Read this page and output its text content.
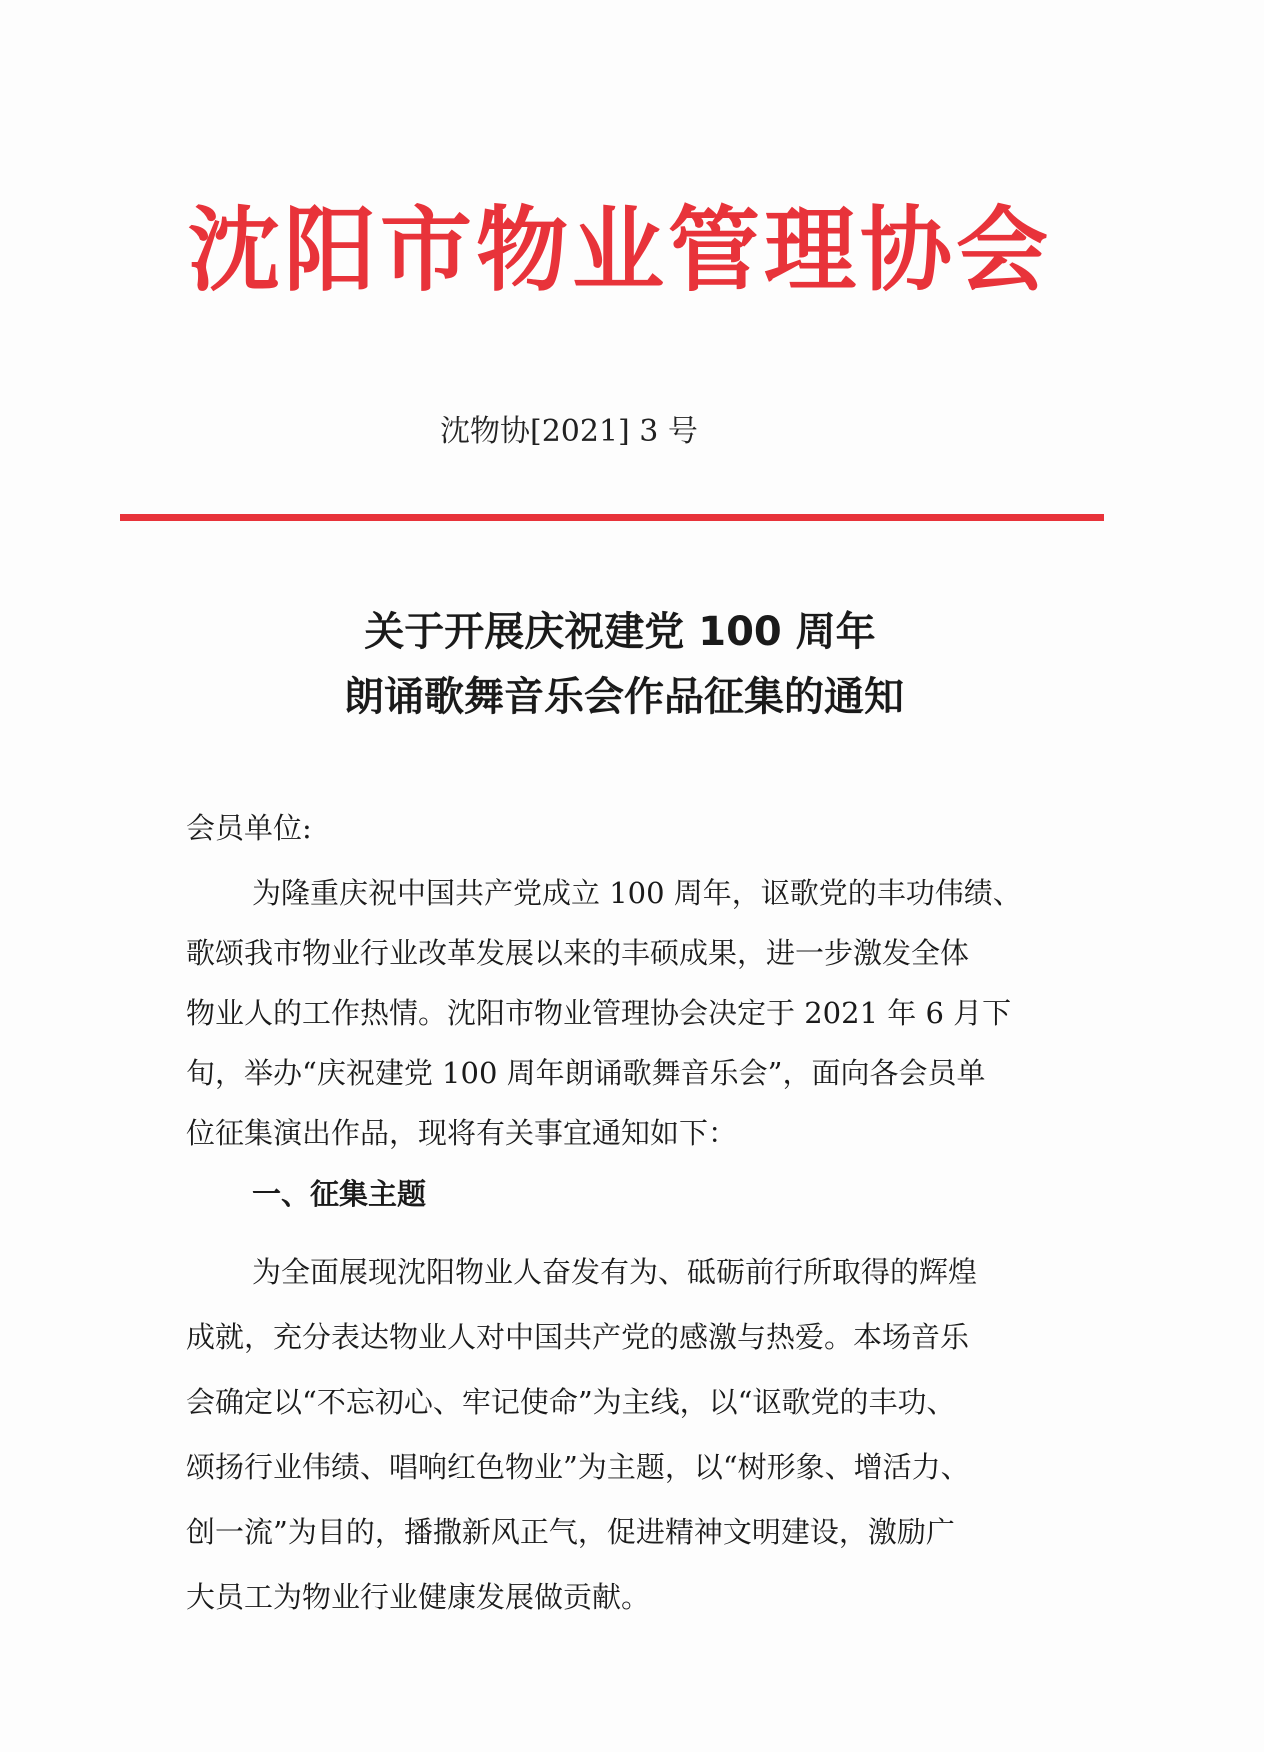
沈阳市物业管理协会
沈物协[2021] 3 号
关于开展庆祝建党 100 周年
朗诵歌舞音乐会作品征集的通知
会员单位:
为隆重庆祝中国共产党成立 100 周年，讴歌党的丰功伟绩、
歌颂我市物业行业改革发展以来的丰硕成果，进一步激发全体
物业人的工作热情。沈阳市物业管理协会决定于 2021 年 6 月下
旬，举办“庆祝建党 100 周年朗诵歌舞音乐会”，面向各会员单
位征集演出作品，现将有关事宜通知如下：
一、征集主题
为全面展现沈阳物业人奋发有为、砥砺前行所取得的辉煌
成就，充分表达物业人对中国共产党的感激与热爱。本场音乐
会确定以“不忘初心、牢记使命”为主线，以“讴歌党的丰功、
颂扬行业伟绩、唱响红色物业”为主题，以“树形象、增活力、
创一流”为目的，播撒新风正气，促进精神文明建设，激励广
大员工为物业行业健康发展做贡献。
